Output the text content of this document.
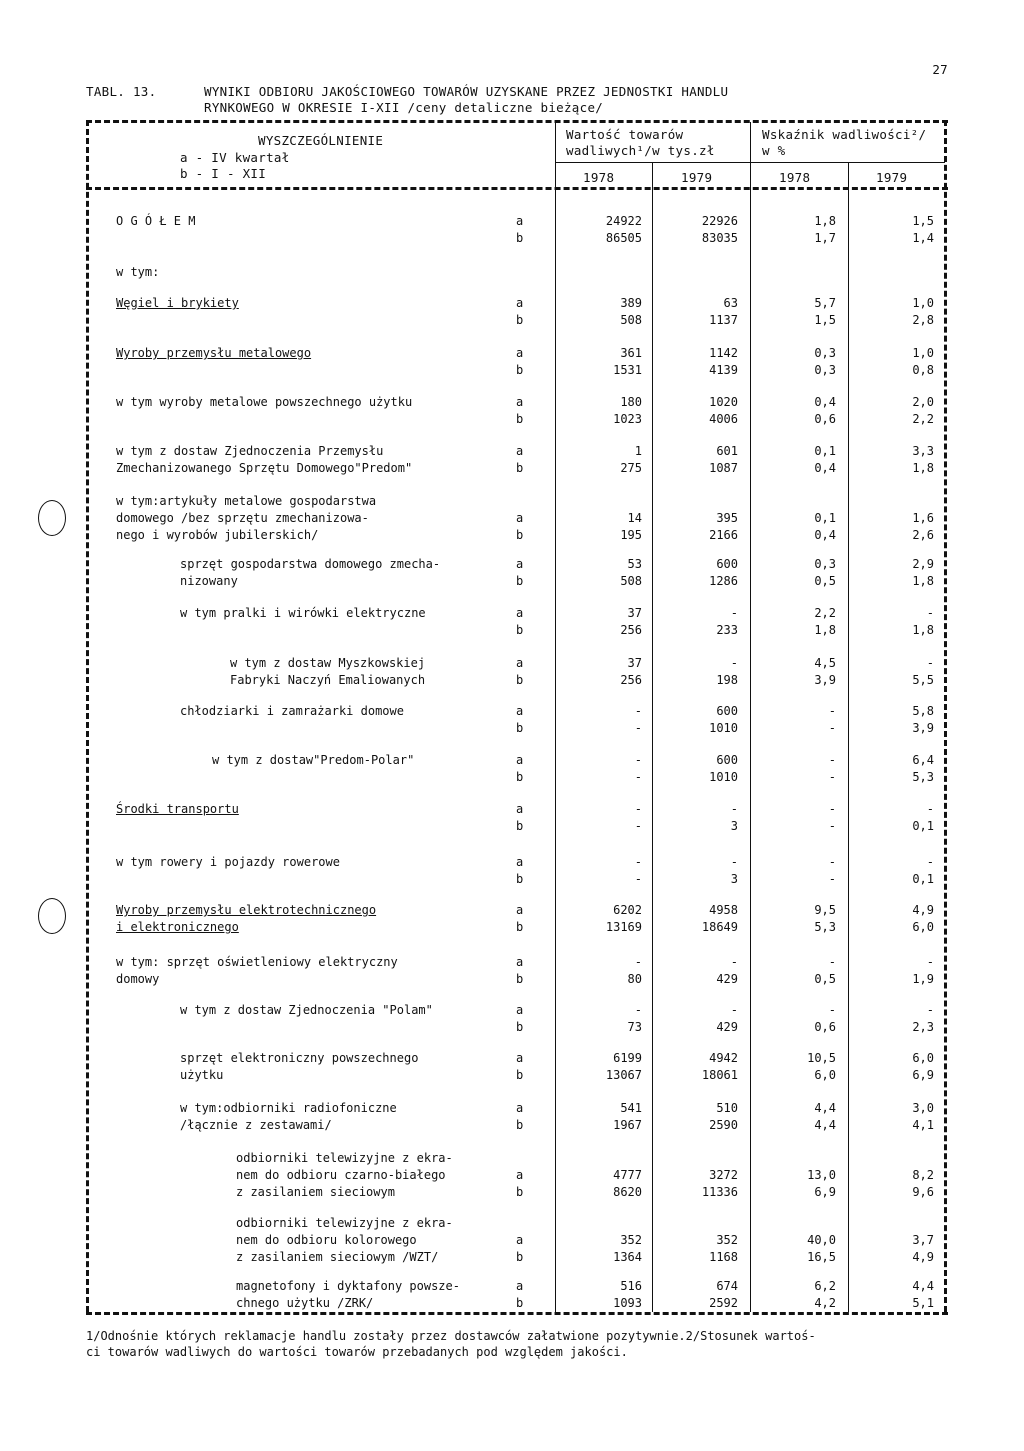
27
TABL. 13.	WYNIKI ODBIORU JAKOŚCIOWEGO TOWARÓW UZYSKANE PRZEZ JEDNOSTKI HANDLU
RYNKOWEGO W OKRESIE I-XII /ceny detaliczne bieżące/
WYSZCZEGÓLNIENIE
a - IV kwartał
b - I - XII
Wartość towarów
wadliwych¹/w tys.zł
Wskaźnik wadliwości²/
w %
1978	1979	1978	1979
O G Ó Ł E M	a	24922	22926	1,8	1,5
b	86505	83035	1,7	1,4
w tym:
Węgiel i brykiety	a	389	63	5,7	1,0
b	508	1137	1,5	2,8
Wyroby przemysłu metalowego	a	361	1142	0,3	1,0
b	1531	4139	0,3	0,8
w tym wyroby metalowe powszechnego użytku	a	180	1020	0,4	2,0
b	1023	4006	0,6	2,2
w tym z dostaw Zjednoczenia Przemysłu
Zmechanizowanego Sprzętu Domowego"Predom"
a	1	601	0,1	3,3
b	275	1087	0,4	1,8
w tym:artykuły metalowe gospodarstwa
domowego /bez sprzętu zmechanizowa-
nego i wyrobów jubilerskich/
a	14	395	0,1	1,6
b	195	2166	0,4	2,6
sprzęt gospodarstwa domowego zmecha-
nizowany
a	53	600	0,3	2,9
b	508	1286	0,5	1,8
w tym pralki i wirówki elektryczne	a	37	-	2,2	-
b	256	233	1,8	1,8
w tym z dostaw Myszkowskiej
Fabryki Naczyń Emaliowanych
a	37	-	4,5	-
b	256	198	3,9	5,5
chłodziarki i zamrażarki domowe	a	-	600	-	5,8
b	-	1010	-	3,9
w tym z dostaw"Predom-Polar"	a	-	600	-	6,4
b	-	1010	-	5,3
Środki transportu	a	-	-	-	-
b	-	3	-	0,1
w tym rowery i pojazdy rowerowe	a	-	-	-	-
b	-	3	-	0,1
Wyroby przemysłu elektrotechnicznego
i elektronicznego
a	6202	4958	9,5	4,9
b	13169	18649	5,3	6,0
w tym: sprzęt oświetleniowy elektryczny
domowy
a	-	-	-	-
b	80	429	0,5	1,9
w tym z dostaw Zjednoczenia "Polam"	a	-	-	-	-
b	73	429	0,6	2,3
sprzęt elektroniczny powszechnego
użytku
a	6199	4942	10,5	6,0
b	13067	18061	6,0	6,9
w tym:odbiorniki radiofoniczne
/łącznie z zestawami/
a	541	510	4,4	3,0
b	1967	2590	4,4	4,1
odbiorniki telewizyjne z ekra-
nem do odbioru czarno-białego
z zasilaniem sieciowym
a	4777	3272	13,0	8,2
b	8620	11336	6,9	9,6
odbiorniki telewizyjne z ekra-
nem do odbioru kolorowego
z zasilaniem sieciowym /WZT/
a	352	352	40,0	3,7
b	1364	1168	16,5	4,9
magnetofony i dyktafony powsze-
chnego użytku /ZRK/
a	516	674	6,2	4,4
b	1093	2592	4,2	5,1
1/Odnośnie których reklamacje handlu zostały przez dostawców załatwione pozytywnie.2/Stosunek wartoś-
ci towarów wadliwych do wartości towarów przebadanych pod względem jakości.
